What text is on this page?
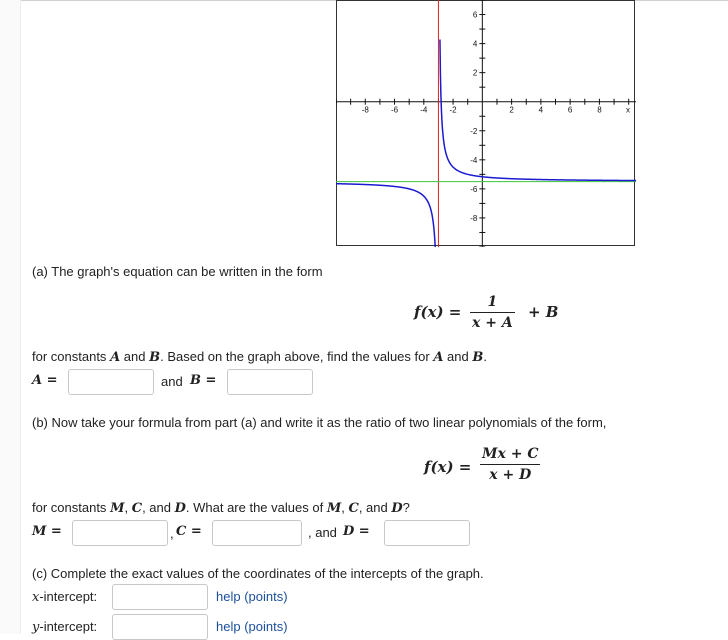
-8	-6	-4	-2	2	4	6	8
6
4
2
-2
-4
-6
-8
x
(a) The graph's equation can be written in the form
f(x) =
1
x + A
+ B
for constants A and B. Based on the graph above, find the values for A and B.
A =	and B =
(b) Now take your formula from part (a) and write it as the ratio of two linear polynomials of the form,
f(x) =
Mx + C
x + D
for constants M, C, and D. What are the values of M, C, and D?
M =	, C =	, and D =
(c) Complete the exact values of the coordinates of the intercepts of the graph.
x-intercept:	help (points)
y-intercept:	help (points)
